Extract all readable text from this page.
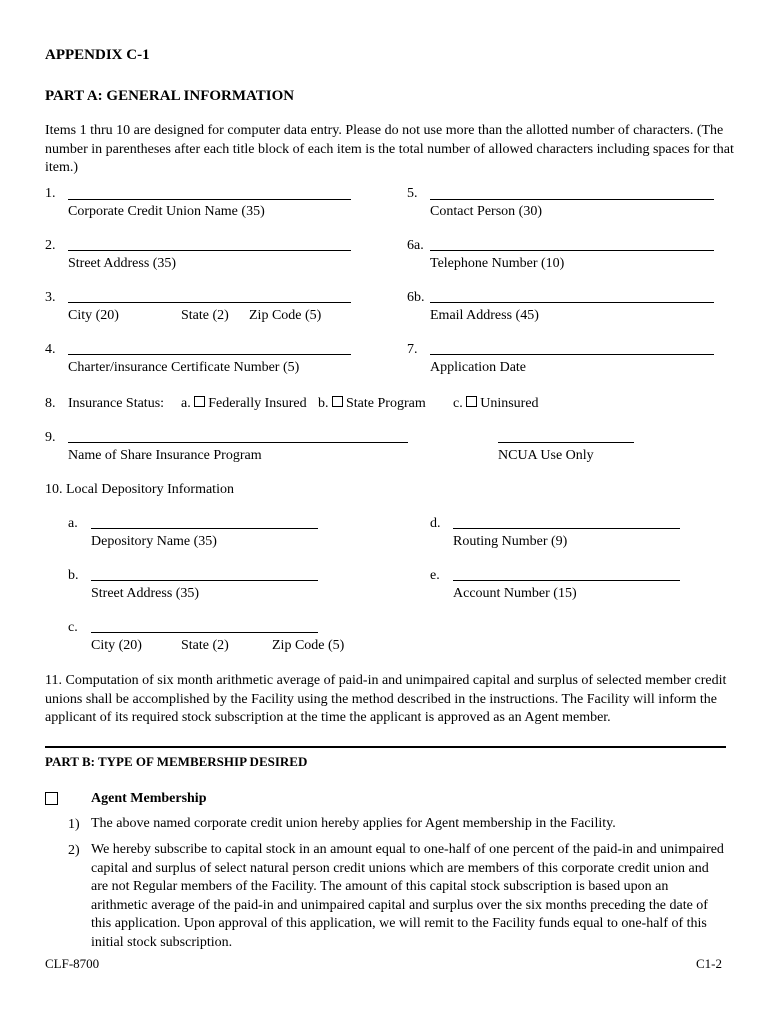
APPENDIX C-1
PART A: GENERAL INFORMATION
Items 1 thru 10 are designed for computer data entry. Please do not use more than the allotted number of characters. (The number in parentheses after each title block of each item is the total number of allowed characters including spaces for that item.)
1.
Corporate Credit Union Name (35)
2.
Street Address (35)
3.
City (20)	State (2) Zip Code (5)
4.
Charter/insurance Certificate Number (5)
5.
Contact Person (30)
6a.
Telephone Number (10)
6b.
Email Address (45)
7.
Application Date
8. Insurance Status: a. Federally Insured b. State Program c. Uninsured
9.
Name of Share Insurance Program	NCUA Use Only
10. Local Depository Information
a.
Depository Name (35)
b.
Street Address (35)
c.
City (20)	State (2)	Zip Code (5)
d.
Routing Number (9)
e.
Account Number (15)
11. Computation of six month arithmetic average of paid-in and unimpaired capital and surplus of selected member credit unions shall be accomplished by the Facility using the method described in the instructions. The Facility will inform the applicant of its required stock subscription at the time the applicant is approved as an Agent member.
PART B: TYPE OF MEMBERSHIP DESIRED
Agent Membership
1) The above named corporate credit union hereby applies for Agent membership in the Facility.
2) We hereby subscribe to capital stock in an amount equal to one-half of one percent of the paid-in and unimpaired capital and surplus of select natural person credit unions which are members of this corporate credit union and are not Regular members of the Facility. The amount of this capital stock subscription is based upon an arithmetic average of the paid-in and unimpaired capital and surplus over the six months preceding the date of this application. Upon approval of this application, we will remit to the Facility funds equal to one-half of this initial stock subscription.
CLF-8700	C1-2
